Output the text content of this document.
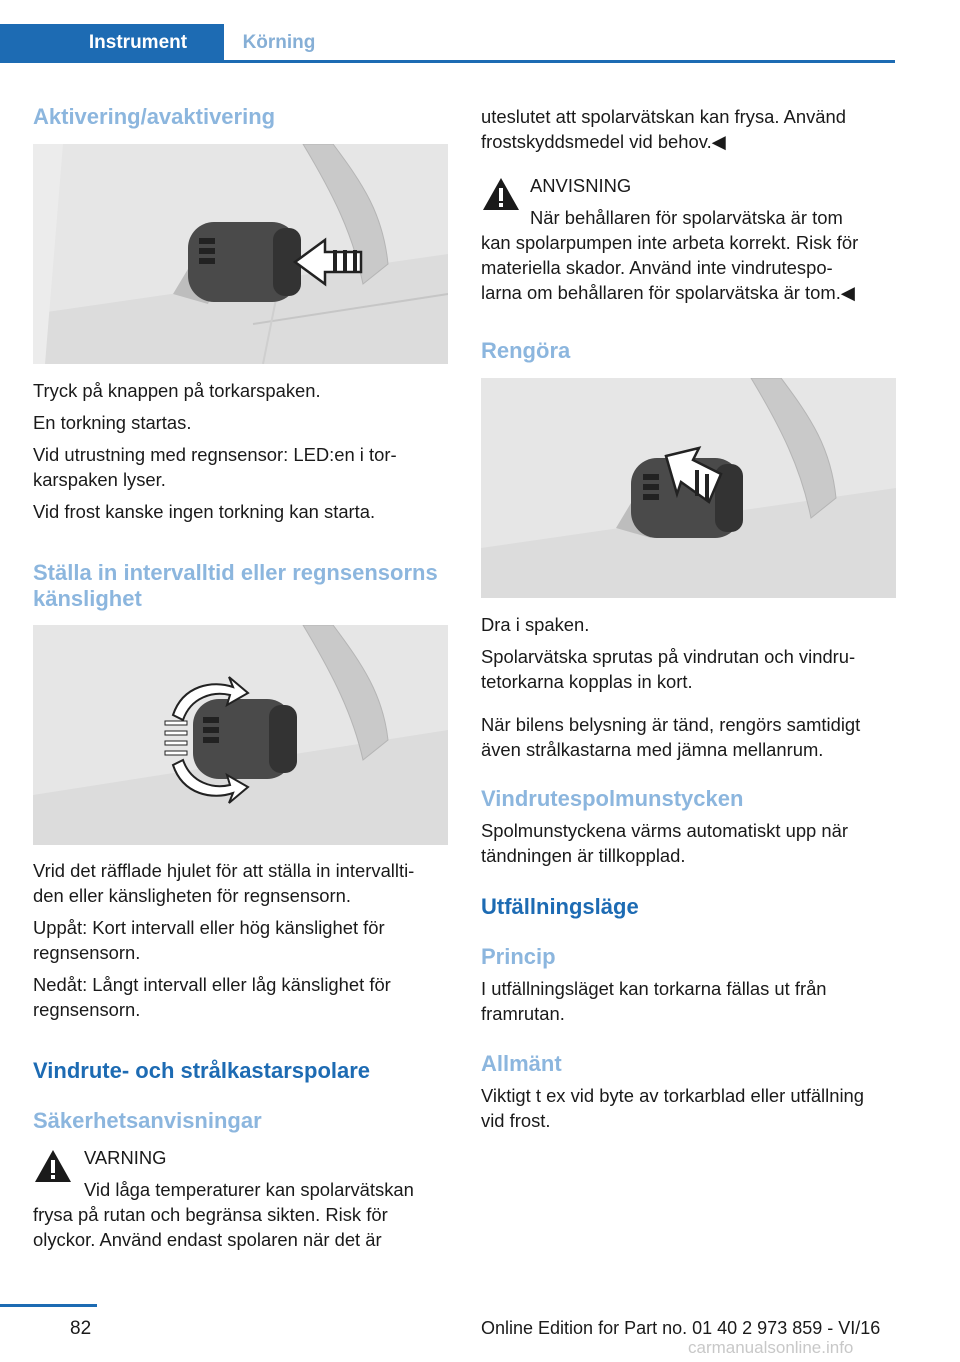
Instrument	Körning
Aktivering/avaktivering

Tryck på knappen på torkarspaken.

En torkning startas.

Vid utrustning med regnsensor: LED:en i tor‐

karspaken lyser.

Vid frost kanske ingen torkning kan starta.

Ställa in intervalltid eller regnsensorns
känslighet

Vrid det räfflade hjulet för att ställa in intervallti‐

den eller känsligheten för regnsensorn.

Uppåt: Kort intervall eller hög känslighet för

regnsensorn.

Nedåt: Långt intervall eller låg känslighet för

regnsensorn.

Vindrute- och strålkastarspolare
Säkerhetsanvisningar

VARNING

Vid låga temperaturer kan spolarvätskan

frysa på rutan och begränsa sikten. Risk för

olyckor. Använd endast spolaren när det är

uteslutet att spolarvätskan kan frysa. Använd

frostskyddsmedel vid behov.◀

ANVISNING

När behållaren för spolarvätska är tom

kan spolarpumpen inte arbeta korrekt. Risk för

materiella skador. Använd inte vindrutespo‐

larna om behållaren för spolarvätska är tom.◀

Rengöra

Dra i spaken.

Spolarvätska sprutas på vindrutan och vindru‐

tetorkarna kopplas in kort.

När bilens belysning är tänd, rengörs samtidigt

även strålkastarna med jämna mellanrum.

Vindrutespolmunstycken

Spolmunstyckena värms automatiskt upp när

tändningen är tillkopplad.

Utfällningsläge
Princip

I utfällningsläget kan torkarna fällas ut från

framrutan.

Allmänt

Viktigt t ex vid byte av torkarblad eller utfällning

vid frost.

82	Online Edition for Part no. 01 40 2 973 859 - VI/16
carmanualsonline.info
